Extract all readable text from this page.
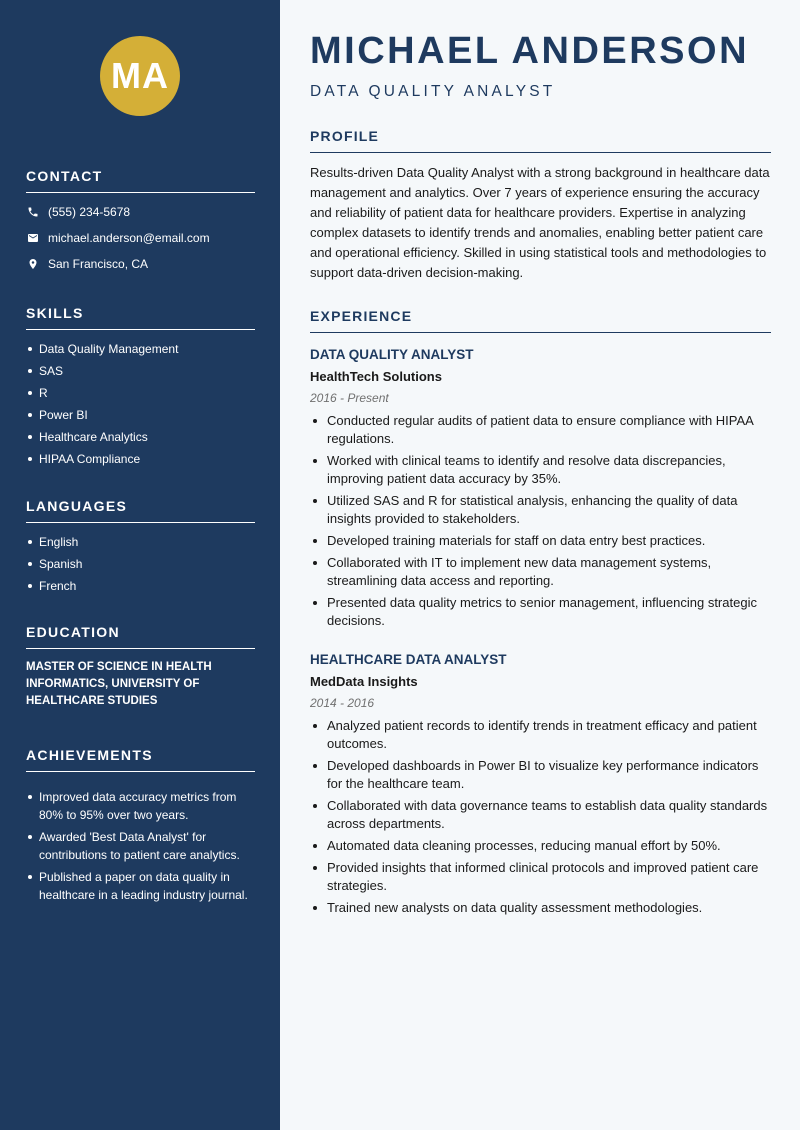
MA
CONTACT
(555) 234-5678
michael.anderson@email.com
San Francisco, CA
SKILLS
Data Quality Management
SAS
R
Power BI
Healthcare Analytics
HIPAA Compliance
LANGUAGES
English
Spanish
French
EDUCATION
MASTER OF SCIENCE IN HEALTH INFORMATICS, UNIVERSITY OF HEALTHCARE STUDIES
ACHIEVEMENTS
Improved data accuracy metrics from 80% to 95% over two years.
Awarded 'Best Data Analyst' for contributions to patient care analytics.
Published a paper on data quality in healthcare in a leading industry journal.
MICHAEL ANDERSON
DATA QUALITY ANALYST
PROFILE
Results-driven Data Quality Analyst with a strong background in healthcare data management and analytics. Over 7 years of experience ensuring the accuracy and reliability of patient data for healthcare providers. Expertise in analyzing complex datasets to identify trends and anomalies, enabling better patient care and operational efficiency. Skilled in using statistical tools and methodologies to support data-driven decision-making.
EXPERIENCE
DATA QUALITY ANALYST
HealthTech Solutions
2016 - Present
Conducted regular audits of patient data to ensure compliance with HIPAA regulations.
Worked with clinical teams to identify and resolve data discrepancies, improving patient data accuracy by 35%.
Utilized SAS and R for statistical analysis, enhancing the quality of data insights provided to stakeholders.
Developed training materials for staff on data entry best practices.
Collaborated with IT to implement new data management systems, streamlining data access and reporting.
Presented data quality metrics to senior management, influencing strategic decisions.
HEALTHCARE DATA ANALYST
MedData Insights
2014 - 2016
Analyzed patient records to identify trends in treatment efficacy and patient outcomes.
Developed dashboards in Power BI to visualize key performance indicators for the healthcare team.
Collaborated with data governance teams to establish data quality standards across departments.
Automated data cleaning processes, reducing manual effort by 50%.
Provided insights that informed clinical protocols and improved patient care strategies.
Trained new analysts on data quality assessment methodologies.
